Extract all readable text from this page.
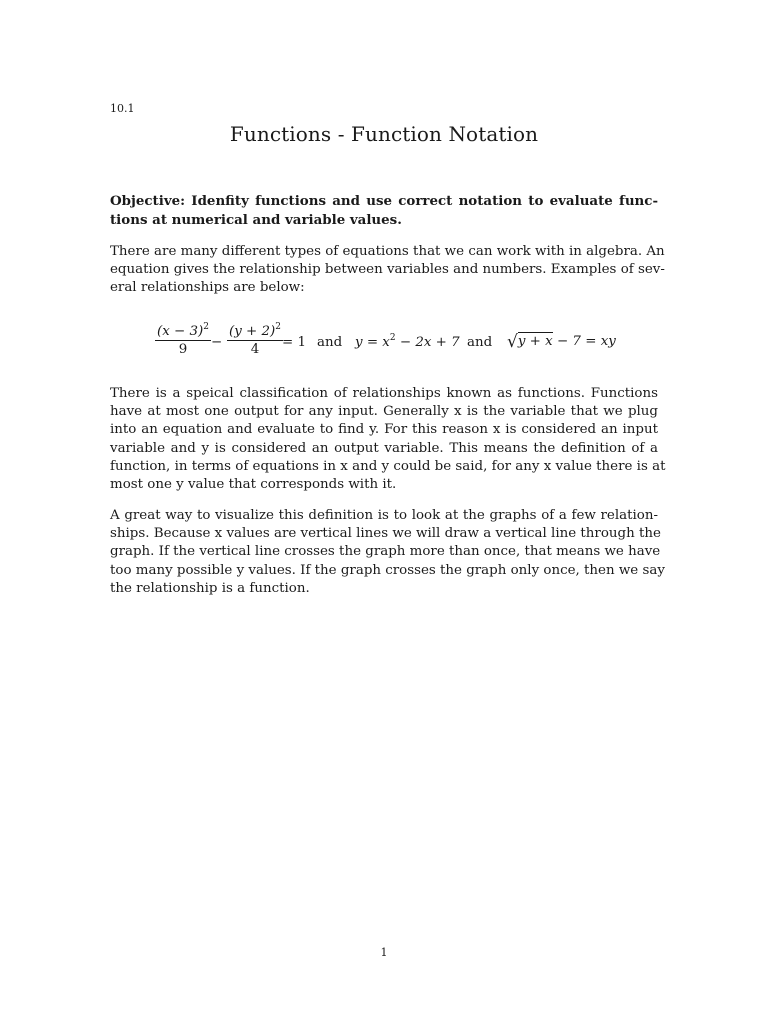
10.1
Functions - Function Notation
Objective: Idenfity functions and use correct notation to evaluate func-
tions at numerical and variable values.
There are many different types of equations that we can work with in algebra. An
equation gives the relationship between variables and numbers. Examples of sev-
eral relationships are below:
$\frac{(x - 3)^2}{9} - \frac{(y + 2)^2}{4}$
= 1 and $y = x^2 - 2x + 7$ and √y + x − 7 = xy
There is a speical classification of relationships known as functions. Functions
have at most one output for any input. Generally x is the variable that we plug
into an equation and evaluate to find y. For this reason x is considered an input
variable and y is considered an output variable. This means the definition of a
function, in terms of equations in x and y could be said, for any x value there is at
most one y value that corresponds with it.
A great way to visualize this definition is to look at the graphs of a few relation-
ships. Because x values are vertical lines we will draw a vertical line through the
graph. If the vertical line crosses the graph more than once, that means we have
too many possible y values. If the graph crosses the graph only once, then we say
the relationship is a function.
1
